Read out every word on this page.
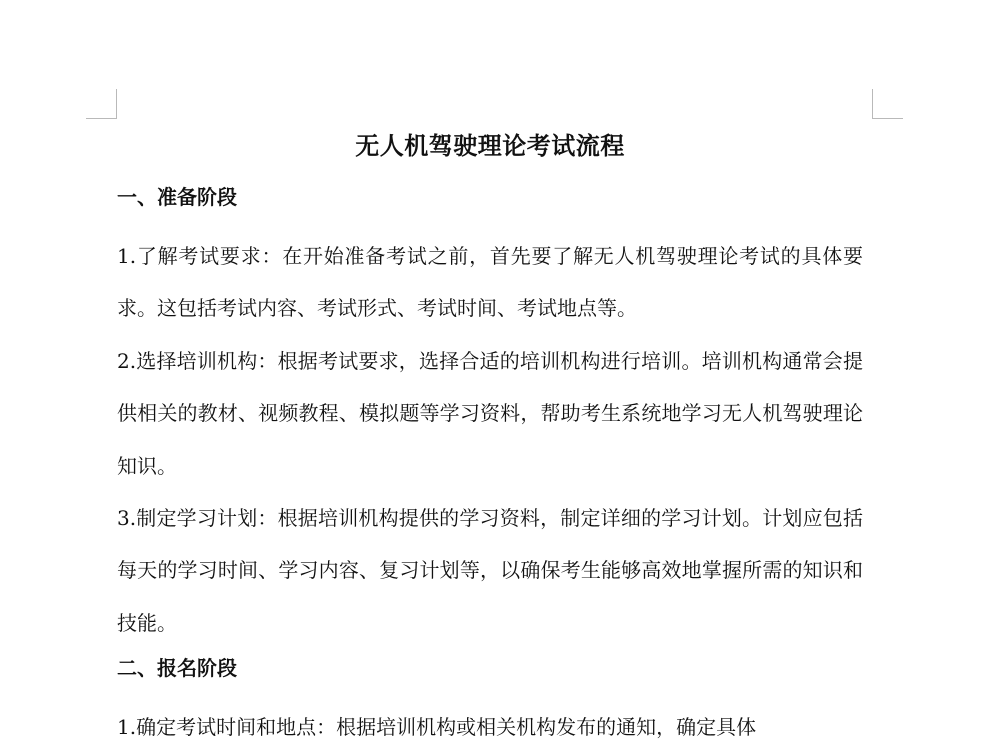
无人机驾驶理论考试流程
一、准备阶段

1.了解考试要求：在开始准备考试之前，首先要了解无人机驾驶理论考试的具体要求。这包括考试内容、考试形式、考试时间、考试地点等。

2.选择培训机构：根据考试要求，选择合适的培训机构进行培训。培训机构通常会提供相关的教材、视频教程、模拟题等学习资料，帮助考生系统地学习无人机驾驶理论知识。

3.制定学习计划：根据培训机构提供的学习资料，制定详细的学习计划。计划应包括每天的学习时间、学习内容、复习计划等，以确保考生能够高效地掌握所需的知识和技能。

二、报名阶段

1.确定考试时间和地点：根据培训机构或相关机构发布的通知，确定具体
